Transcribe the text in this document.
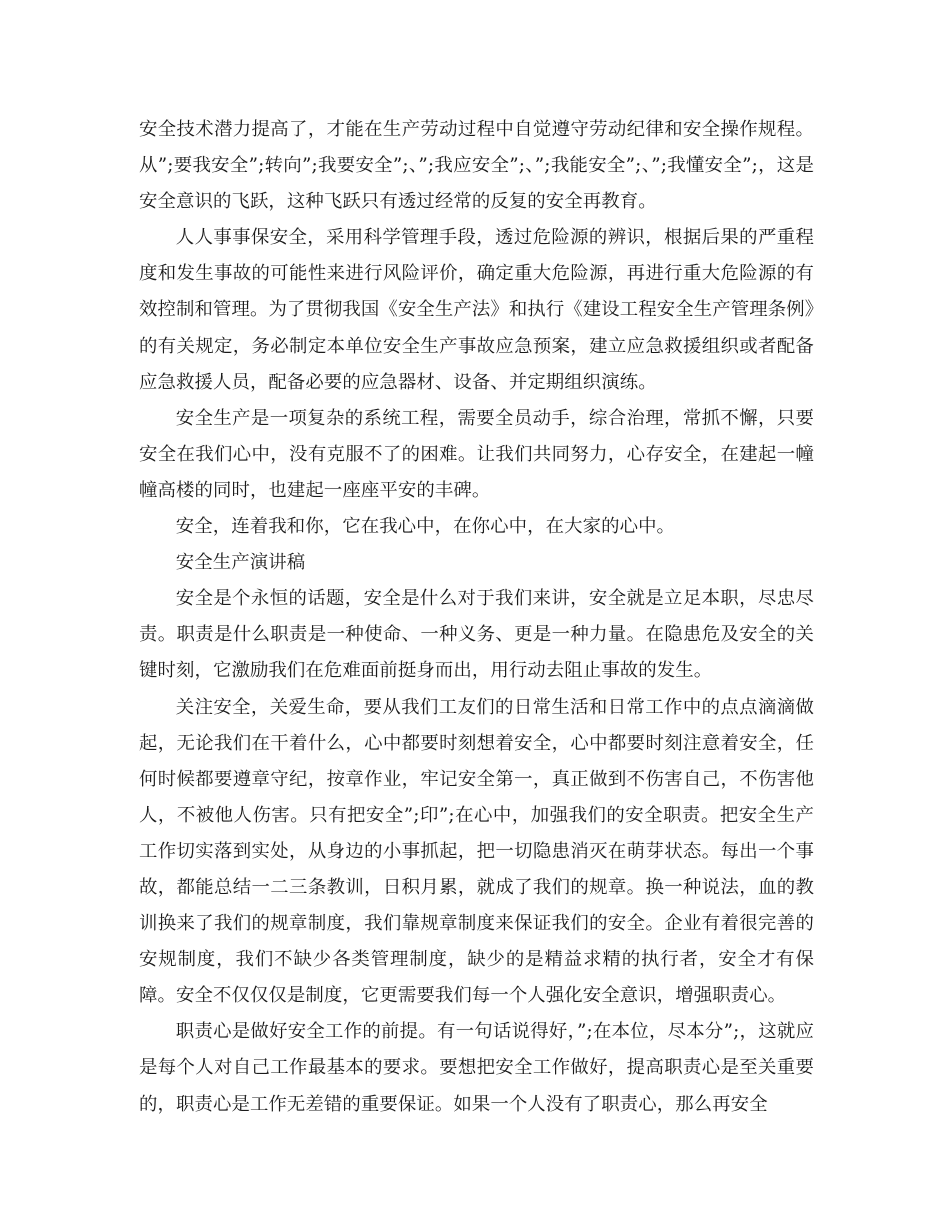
安全技术潜力提高了，才能在生产劳动过程中自觉遵守劳动纪律和安全操作规程。从”;要我安全”;转向”;我要安全”;、”;我应安全”;、”;我能安全”;、”;我懂安全”;，这是安全意识的飞跃，这种飞跃只有透过经常的反复的安全再教育。

人人事事保安全，采用科学管理手段，透过危险源的辨识，根据后果的严重程度和发生事故的可能性来进行风险评价，确定重大危险源，再进行重大危险源的有效控制和管理。为了贯彻我国《安全生产法》和执行《建设工程安全生产管理条例》的有关规定，务必制定本单位安全生产事故应急预案，建立应急救援组织或者配备应急救援人员，配备必要的应急器材、设备、并定期组织演练。

安全生产是一项复杂的系统工程，需要全员动手，综合治理，常抓不懈，只要安全在我们心中，没有克服不了的困难。让我们共同努力，心存安全，在建起一幢幢高楼的同时，也建起一座座平安的丰碑。

安全，连着我和你，它在我心中，在你心中，在大家的心中。

安全生产演讲稿

安全是个永恒的话题，安全是什么对于我们来讲，安全就是立足本职，尽忠尽责。职责是什么职责是一种使命、一种义务、更是一种力量。在隐患危及安全的关键时刻，它激励我们在危难面前挺身而出，用行动去阻止事故的发生。

关注安全，关爱生命，要从我们工友们的日常生活和日常工作中的点点滴滴做起，无论我们在干着什么，心中都要时刻想着安全，心中都要时刻注意着安全，任何时候都要遵章守纪，按章作业，牢记安全第一，真正做到不伤害自己，不伤害他人，不被他人伤害。只有把安全”;印”;在心中，加强我们的安全职责。把安全生产工作切实落到实处，从身边的小事抓起，把一切隐患消灭在萌芽状态。每出一个事故，都能总结一二三条教训，日积月累，就成了我们的规章。换一种说法，血的教训换来了我们的规章制度，我们靠规章制度来保证我们的安全。企业有着很完善的安规制度，我们不缺少各类管理制度，缺少的是精益求精的执行者，安全才有保障。安全不仅仅仅是制度，它更需要我们每一个人强化安全意识，增强职责心。

职责心是做好安全工作的前提。有一句话说得好，”;在本位，尽本分”;，这就应是每个人对自己工作最基本的要求。要想把安全工作做好，提高职责心是至关重要的，职责心是工作无差错的重要保证。如果一个人没有了职责心，那么再安全
